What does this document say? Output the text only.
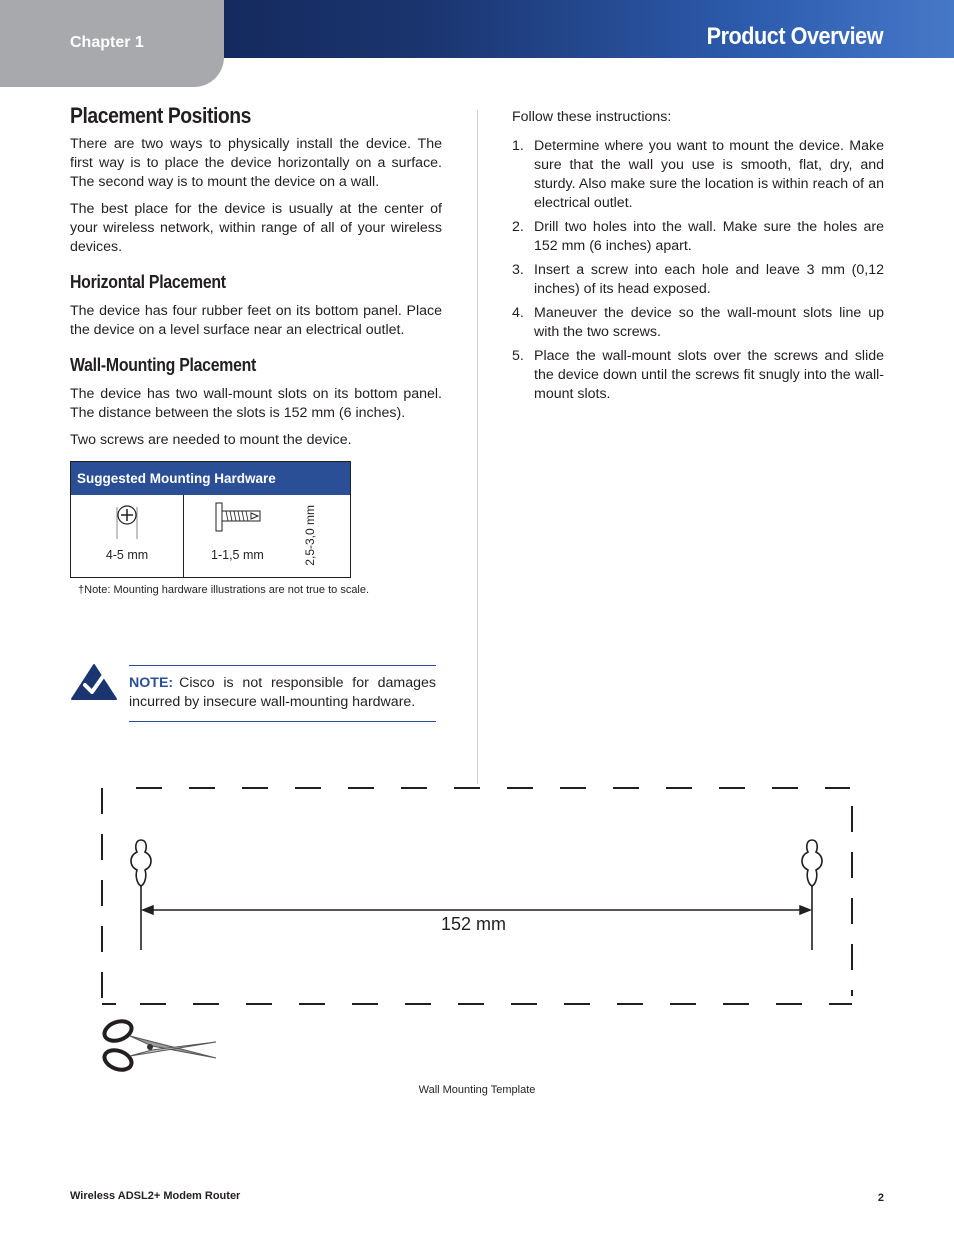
Chapter 1	Product Overview
Placement Positions

There are two ways to physically install the device. The first way is to place the device horizontally on a surface. The second way is to mount the device on a wall.

The best place for the device is usually at the center of your wireless network, within range of all of your wireless devices.

Horizontal Placement

The device has four rubber feet on its bottom panel. Place the device on a level surface near an electrical outlet.

Wall-Mounting Placement

The device has two wall-mount slots on its bottom panel. The distance between the slots is 152 mm (6 inches).

Two screws are needed to mount the device.

Suggested Mounting Hardware
4-5 mm	1-1,5 mm	2,5-3,0 mm
†Note: Mounting hardware illustrations are not true to scale.
NOTE: Cisco is not responsible for damages incurred by insecure wall-mounting hardware.

Follow these instructions:

1. Determine where you want to mount the device. Make sure that the wall you use is smooth, flat, dry, and sturdy. Also make sure the location is within reach of an electrical outlet.
2. Drill two holes into the wall. Make sure the holes are 152 mm (6 inches) apart.
3. Insert a screw into each hole and leave 3 mm (0,12 inches) of its head exposed.
4. Maneuver the device so the wall-mount slots line up with the two screws.
5. Place the wall-mount slots over the screws and slide the device down until the screws fit snugly into the wall-mount slots.
152 mm
Wall Mounting Template
Wireless ADSL2+ Modem Router	2
